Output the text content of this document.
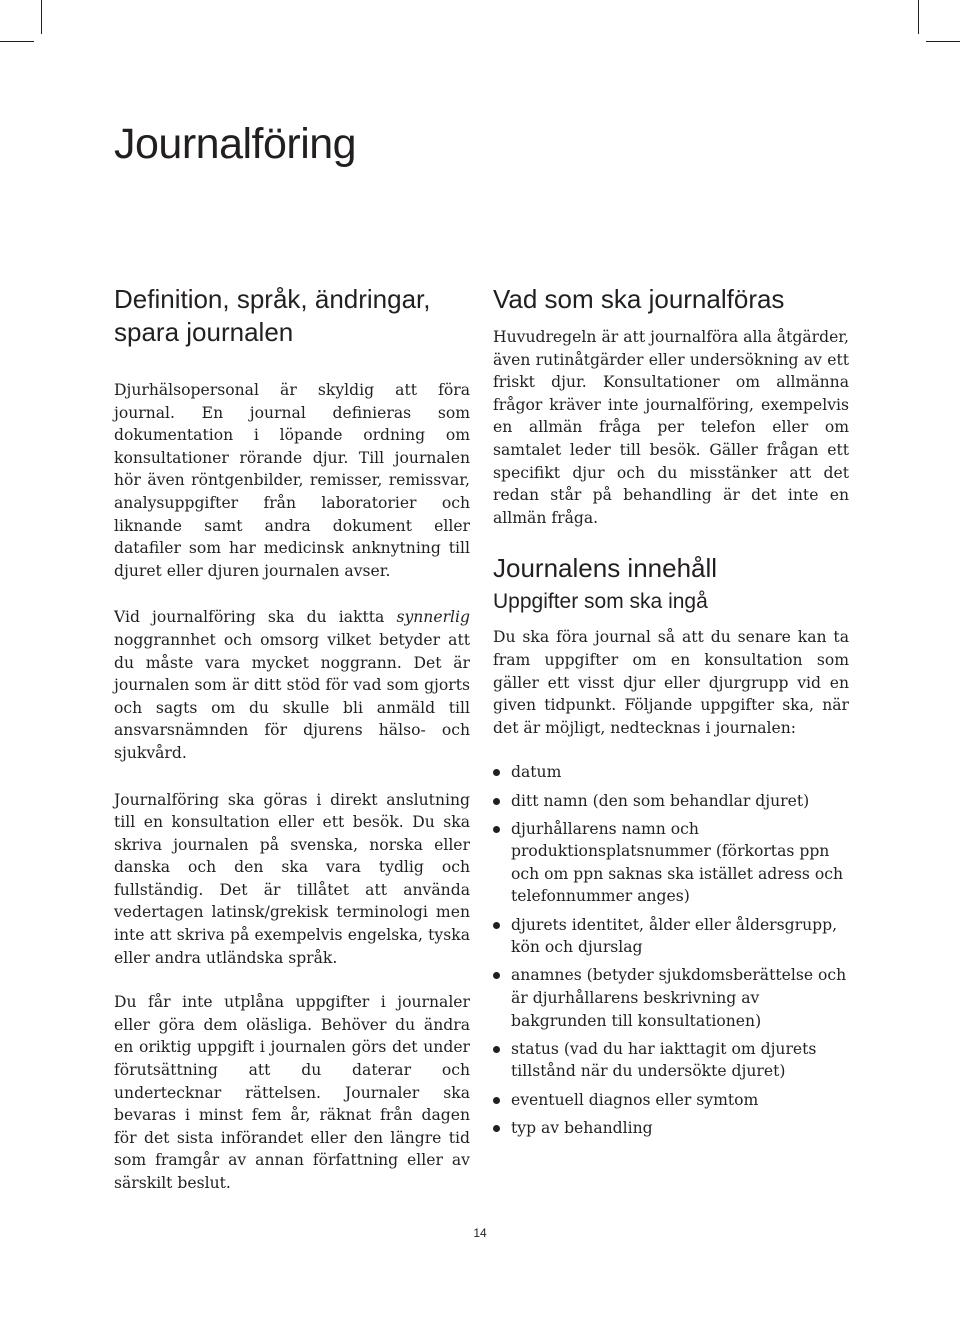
Journalföring
Definition, språk, ändringar, spara journalen

Djurhälsopersonal är skyldig att föra journal. En journal definieras som dokumentation i löpande ordning om konsultationer rörande djur. Till journalen hör även röntgenbilder, remisser, remissvar, analysuppgifter från laboratorier och liknande samt andra dokument eller datafiler som har medicinsk anknytning till djuret eller djuren journalen avser.

Vid journalföring ska du iaktta synnerlig noggrannhet och omsorg vilket betyder att du måste vara mycket noggrann. Det är journalen som är ditt stöd för vad som gjorts och sagts om du skulle bli anmäld till ansvarsnämnden för djurens hälso- och sjukvård.

Journalföring ska göras i direkt anslutning till en konsultation eller ett besök. Du ska skriva journalen på svenska, norska eller danska och den ska vara tydlig och fullständig. Det är tillåtet att använda vedertagen latinsk/grekisk terminologi men inte att skriva på exempelvis engelska, tyska eller andra utländska språk.

Du får inte utplåna uppgifter i journaler eller göra dem oläsliga. Behöver du ändra en oriktig uppgift i journalen görs det under förutsättning att du daterar och undertecknar rättelsen. Journaler ska bevaras i minst fem år, räknat från dagen för det sista införandet eller den längre tid som framgår av annan författning eller av särskilt beslut.

Vad som ska journalföras

Huvudregeln är att journalföra alla åtgärder, även rutinåtgärder eller undersökning av ett friskt djur. Konsultationer om allmänna frågor kräver inte journalföring, exempelvis en allmän fråga per telefon eller om samtalet leder till besök. Gäller frågan ett specifikt djur och du misstänker att det redan står på behandling är det inte en allmän fråga.

Journalens innehåll
Uppgifter som ska ingå

Du ska föra journal så att du senare kan ta fram uppgifter om en konsultation som gäller ett visst djur eller djurgrupp vid en given tidpunkt. Följande uppgifter ska, när det är möjligt, nedtecknas i journalen:

datum
ditt namn (den som behandlar djuret)
djurhållarens namn och produktionsplatsnummer (förkortas ppn och om ppn saknas ska istället adress och telefonnummer anges)
djurets identitet, ålder eller åldersgrupp, kön och djurslag
anamnes (betyder sjukdomsberättelse och är djurhållarens beskrivning av bakgrunden till konsultationen)
status (vad du har iakttagit om djurets tillstånd när du undersökte djuret)
eventuell diagnos eller symtom
typ av behandling
14
